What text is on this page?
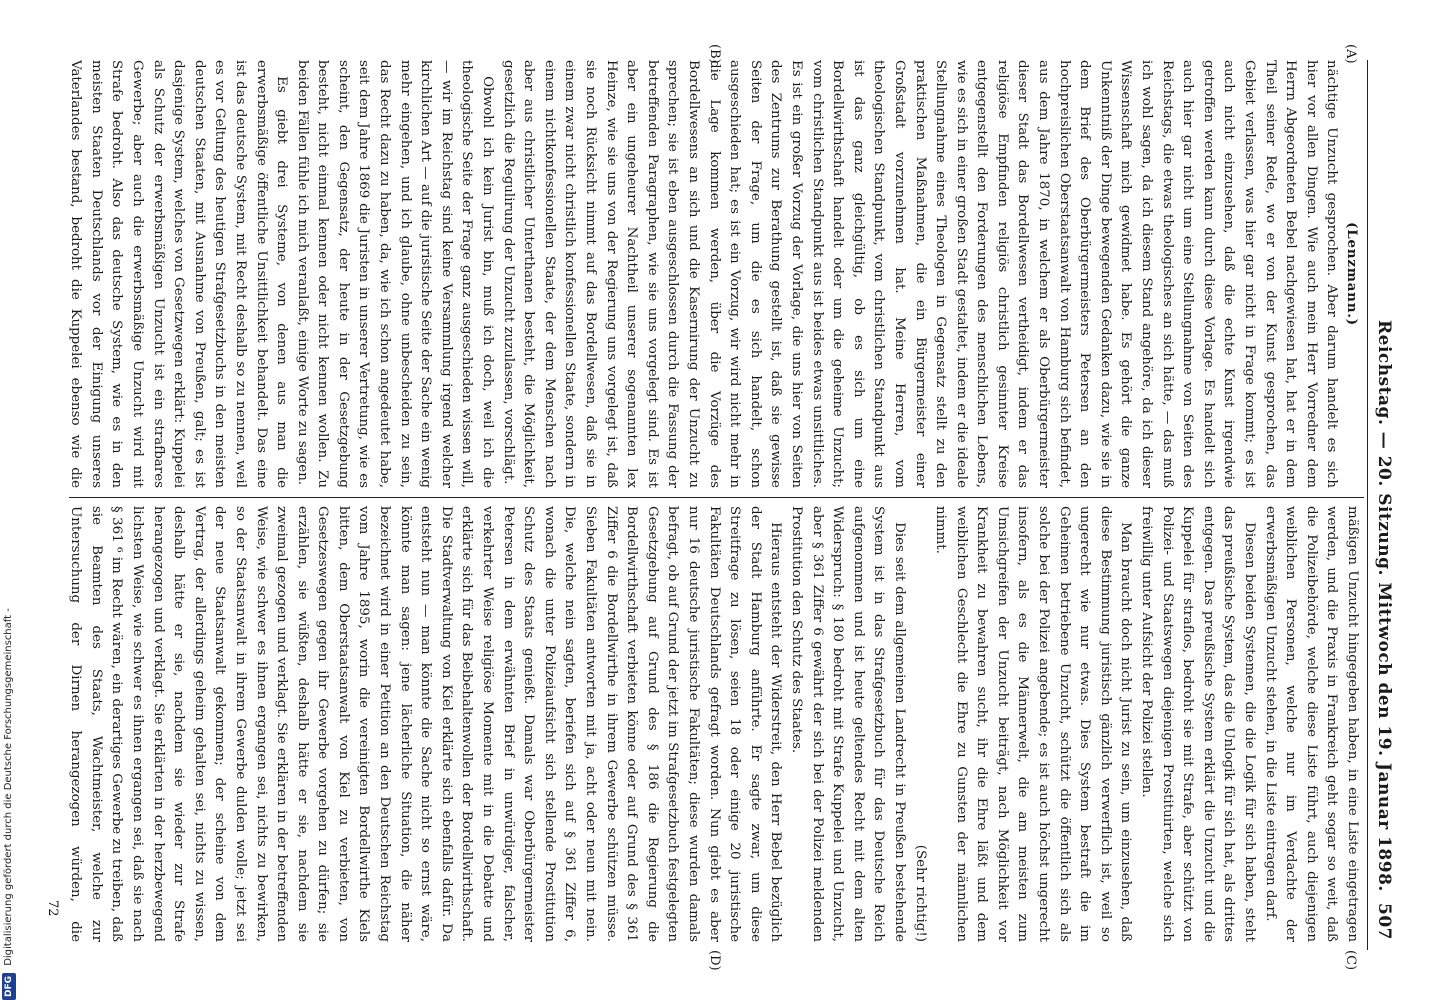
Reichstag. — 20. Sitzung. Mittwoch den 19. Januar 1898.
507
(A)
(B)
(C)
(D)

(Lenzmann.)

nächtige Unzucht gesprochen. Aber darum handelt es sich hier vor allen Dingen. Wie auch mein Herr Vorredner dem Herrn Abgeordneten Bebel nachgewiesen hat, hat er in dem Theil seiner Rede, wo er von der Kunst gesprochen, das Gebiet verlassen, was hier gar nicht in Frage kommt; es ist auch nicht einzusehen, daß die echte Kunst irgendwie getroffen werden kann durch diese Vorlage. Es handelt sich auch hier gar nicht um eine Stellungnahme von Seiten des Reichstags, die etwas theologisches an sich hätte, — das muß ich wohl sagen, da ich diesem Stand angehöre, da ich dieser Wissenschaft mich gewidmet habe. Es gehört die ganze Unkenntniß der Dinge bewegenden Gedanken dazu, wie sie in dem Brief des Oberbürgermeisters Petersen an den hochpreislichen Oberstaatsanwalt von Hamburg sich befindet, aus dem Jahre 1870, in welchem er als Oberbürgermeister dieser Stadt das Bordellwesen vertheidigt, indem er das religiöse Empfinden religiös christlich gesinnter Kreise entgegenstellt den Forderungen des menschlichen Lebens, wie es sich in einer großen Stadt gestaltet, indem er die ideale Stellungnahme eines Theologen in Gegensatz stellt zu den praktischen Maßnahmen, die ein Bürgermeister einer Großstadt vorzunehmen hat. Meine Herren, vom theologischen Standpunkt, vom christlichen Standpunkt aus ist das ganz gleichgültig, ob es sich um eine Bordellwirthschaft handelt oder um die geheime Unzucht; vom christlichen Standpunkt aus ist beides etwas unsittliches. Es ist ein großer Vorzug der Vorlage, die uns hier von Seiten des Zentrums zur Berathung gestellt ist, daß sie gewisse Seiten der Frage, um die es sich handelt, schon ausgeschieden hat; es ist ein Vorzug, wir wird nicht mehr in die Lage kommen werden, über die Vorzüge des Bordellwesens an sich und die Kasernirung der Unzucht zu sprechen; sie ist eben ausgeschlossen durch die Fassung der betreffenden Paragraphen, wie sie uns vorgelegt sind. Es ist aber ein ungeheurer Nachtheil unserer sogenannten lex Heinze, wie sie uns von der Regierung uns vorgelegt ist, daß sie noch Rücksicht nimmt auf das Bordellwesen, daß sie in einem zwar nicht christlich konfessionellen Staate, sondern in einem nichtkonfessionellen Staate, der dem Menschen nach aber aus christlicher Unterthanen besteht, die Möglichkeit, gesetzlich die Regulirung der Unzucht zuzulassen, vorschlägt.

Obwohl ich kein Jurist bin, muß ich doch, weil ich die theologische Seite der Frage ganz ausgeschieden wissen will, — wir im Reichstag sind keine Versammlung irgend welcher kirchlichen Art — auf die juristische Seite der Sache ein wenig mehr eingehen, und ich glaube, ohne unbescheiden zu sein, das Recht dazu zu haben, da, wie ich schon angedeutet habe, seit dem Jahre 1869 die Juristen in unserer Vertretung, wie es scheint, den Gegensatz, der heute in der Gesetzgebung besteht, nicht einmal kennen oder nicht kennen wollen. Zu beiden Fällen fühle ich mich veranlaßt, einige Worte zu sagen.

Es giebt drei Systeme, von denen aus man die erwerbsmäßige öffentliche Unsittlichkeit behandelt. Das eine ist das deutsche System, mit Recht deshalb so zu nennen, weil es vor Geltung des heutigen Strafgesetzbuchs in den meisten deutschen Staaten, mit Ausnahme von Preußen, galt; es ist dasjenige System, welches von Gesetzwegen erklärt: Kuppelei als Schutz der erwerbsmäßigen Unzucht ist ein strafbares Gewerbe; aber auch die erwerbsmäßige Unzucht wird mit Strafe bedroht. Also das deutsche System, wie es in den meisten Staaten Deutschlands vor der Einigung unseres Vaterlandes bestand, bedroht die Kuppelei ebenso wie die

mäßigen Unzucht hingegeben haben, in eine Liste eingetragen werden, und die Praxis in Frankreich geht sogar so weit, daß die Polizeibehörde, welche diese Liste führt, auch diejenigen weiblichen Personen, welche nur im Verdachte der erwerbsmäßigen Unzucht stehen, in die Liste eintragen darf.

Diesen beiden Systemen, die die Logik für sich haben, steht das preußische System, das die Unlogik für sich hat, als drittes entgegen. Das preußische System erklärt die Unzucht und die Kuppelei für straflos, bedroht sie mit Strafe, aber schützt von Polizei- und Staatswegen diejenigen Prostituirten, welche sich freiwillig unter Aufsicht der Polizei stellen.

Man braucht doch nicht Jurist zu sein, um einzusehen, daß diese Bestimmung juristisch gänzlich verwerflich ist, weil so ungerecht wie nur etwas. Dies System bestraft die im Geheimen betriebene Unzucht, schützt die öffentlich sich als solche bei der Polizei angebende; es ist auch höchst ungerecht insofern, als es die Männerwelt, die am meisten zum Umsichgreifen der Unzucht beiträgt, nach Möglichkeit vor Krankheit zu bewahren sucht, ihr die Ehre läßt und dem weiblichen Geschlecht die Ehre zu Gunsten der männlichen nimmt.

(Sehr richtig!)

Dies seit dem allgemeinen Landrecht in Preußen bestehende System ist in das Strafgesetzbuch für das Deutsche Reich aufgenommen und ist heute geltendes Recht mit dem alten Widerspruch: § 180 bedroht mit Strafe Kuppelei und Unzucht, aber § 361 Ziffer 6 gewährt der sich bei der Polizei meldenden Prostitution den Schutz des Staates.

Hieraus entsteht der Widerstreit, den Herr Bebel bezüglich der Stadt Hamburg anführte. Er sagte zwar, um diese Streitfrage zu lösen, seien 18 oder einige 20 juristische Fakultäten Deutschlands gefragt worden. Nun giebt es aber nur 16 deutsche juristische Fakultäten; diese wurden damals befragt, ob auf Grund der jetzt im Strafgesetzbuch festgelegten Gesetzgebung auf Grund des § 186 die Regierung die Bordellwirthschaft verbieten könne oder auf Grund des § 361 Ziffer 6 die Bordellwirthe in ihrem Gewerbe schützen müsse. Sieben Fakultäten antworten mit ja, acht oder neun mit nein. Die, welche nein sagten, beriefen sich auf § 361 Ziffer 6, wonach die unter Polizeiaufsicht sich stellende Prostitution Schutz des Staats genießt. Damals war Oberbürgermeister Petersen in dem erwähnten Brief in unwürdiger, falscher, verkehrter Weise religiöse Momente mit in die Debatte und erklärte sich für das Beibehaltenwollen der Bordellwirthschaft. Die Stadtverwaltung von Kiel erklärte sich ebenfalls dafür. Da entsteht nun — man könnte die Sache nicht so ernst wäre, könnte man sagen: jene lächerliche Situation, die näher bezeichnet wird in einer Petition an den Deutschen Reichstag vom Jahre 1895, worin die vereinigten Bordellwirthe Kiels bitten, dem Oberstaatsanwalt von Kiel zu verbieten, von Gesetzeswegen gegen ihr Gewerbe vorgehen zu dürfen; sie erzählen, sie wüßten, deshalb hätte er sie, nachdem sie zweimal gezogen und verklagt. Sie erklären in der betreffenden Weise, wie schwer es ihnen ergangen sei, nichts zu bewirken, so der Staatsanwalt in ihrem Gewerbe dulden wolle; jetzt sei der neue Staatsanwalt gekommen; der scheine von dem Vertrag, der allerdings geheim gehalten sei, nichts zu wissen, deshalb hätte er sie, nachdem sie wieder zur Strafe herangezogen und verklagt. Sie erklärten in der herzbewegend lichsten Weise, wie schwer es ihnen ergangen sei, daß sie nach § 361 ⁶ im Recht wären, ein derartiges Gewerbe zu treiben, daß sie Beamten des Staats, Wachtmeister, welche zur Untersuchung der Dirnen herangezogen würden, die

72
DFG Digitalisierung gefördert durch die Deutsche Forschungsgemeinschaft -
